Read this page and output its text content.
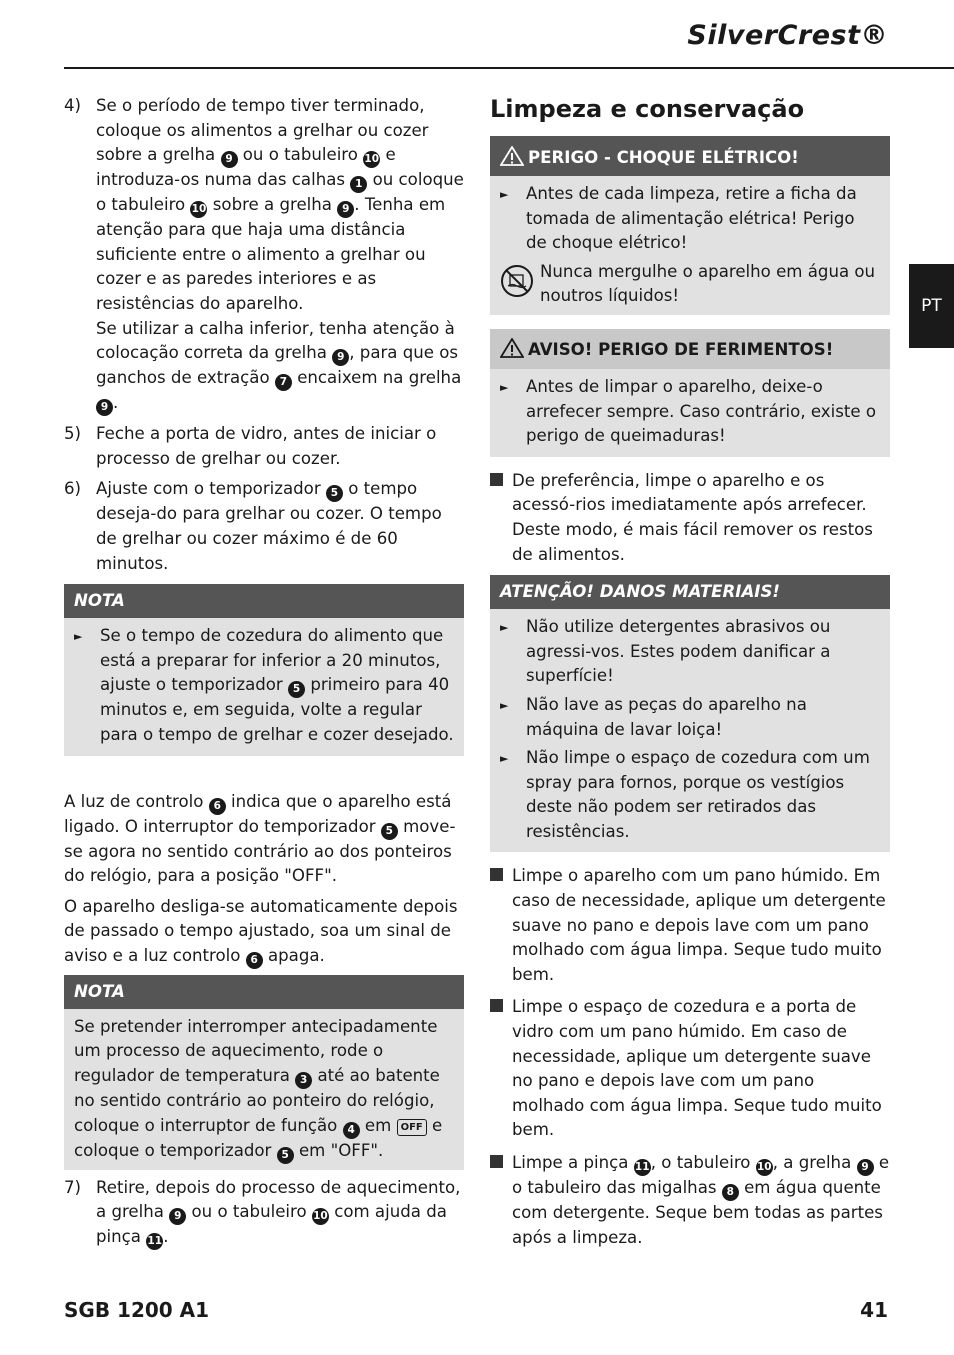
SilverCrest®
PT
4) Se o período de tempo tiver terminado, coloque os alimentos a grelhar ou cozer sobre a grelha 9 ou o tabuleiro 10 e introduza-os numa das calhas 1 ou coloque o tabuleiro 10 sobre a grelha 9 . Tenha em atenção para que haja uma distância suficiente entre o alimento a grelhar ou cozer e as paredes interiores e as resistências do aparelho.
Se utilizar a calha inferior, tenha atenção à colocação correta da grelha 9 , para que os ganchos de extração 7 encaixem na grelha 9 .
5) Feche a porta de vidro, antes de iniciar o processo de grelhar ou cozer.
6) Ajuste com o temporizador 5 o tempo deseja-do para grelhar ou cozer. O tempo de grelhar ou cozer máximo é de 60 minutos.
NOTA
►	Se o tempo de cozedura do alimento que está a preparar for inferior a 20 minutos, ajuste o temporizador 5 primeiro para 40 minutos e, em seguida, volte a regular para o tempo de grelhar e cozer desejado.

A luz de controlo 6 indica que o aparelho está ligado. O interruptor do temporizador 5 move-se agora no sentido contrário ao dos ponteiros do relógio, para a posição "OFF".

O aparelho desliga-se automaticamente depois de passado o tempo ajustado, soa um sinal de aviso e a luz controlo 6 apaga.

NOTA
Se pretender interromper antecipadamente um processo de aquecimento, rode o regulador de temperatura 3 até ao batente no sentido contrário ao ponteiro do relógio, coloque o interruptor de função 4 em OFF e coloque o temporizador 5 em "OFF".
7) Retire, depois do processo de aquecimento, a grelha 9 ou o tabuleiro 10 com ajuda da pinça 11.
Limpeza e conservação
PERIGO - CHOQUE ELÉTRICO!
►	Antes de cada limpeza, retire a ficha da tomada de alimentação elétrica! Perigo de choque elétrico!
Nunca mergulhe o aparelho em água ou noutros líquidos!
AVISO! PERIGO DE FERIMENTOS!
►	Antes de limpar o aparelho, deixe-o arrefecer sempre. Caso contrário, existe o perigo de queimaduras!
De preferência, limpe o aparelho e os acessó-rios imediatamente após arrefecer. Deste modo, é mais fácil remover os restos de alimentos.
ATENÇÃO! DANOS MATERIAIS!
►	Não utilize detergentes abrasivos ou agressi-vos. Estes podem danificar a superfície!
►	Não lave as peças do aparelho na máquina de lavar loiça!
►	Não limpe o espaço de cozedura com um spray para fornos, porque os vestígios deste não podem ser retirados das resistências.
Limpe o aparelho com um pano húmido. Em caso de necessidade, aplique um detergente suave no pano e depois lave com um pano molhado com água limpa. Seque tudo muito bem.
Limpe o espaço de cozedura e a porta de vidro com um pano húmido. Em caso de necessidade, aplique um detergente suave no pano e depois lave com um pano molhado com água limpa. Seque tudo muito bem.
Limpe a pinça 11, o tabuleiro 10, a grelha 9 e o tabuleiro das migalhas 8 em água quente com detergente. Seque bem todas as partes após a limpeza.
SGB 1200 A1	41
